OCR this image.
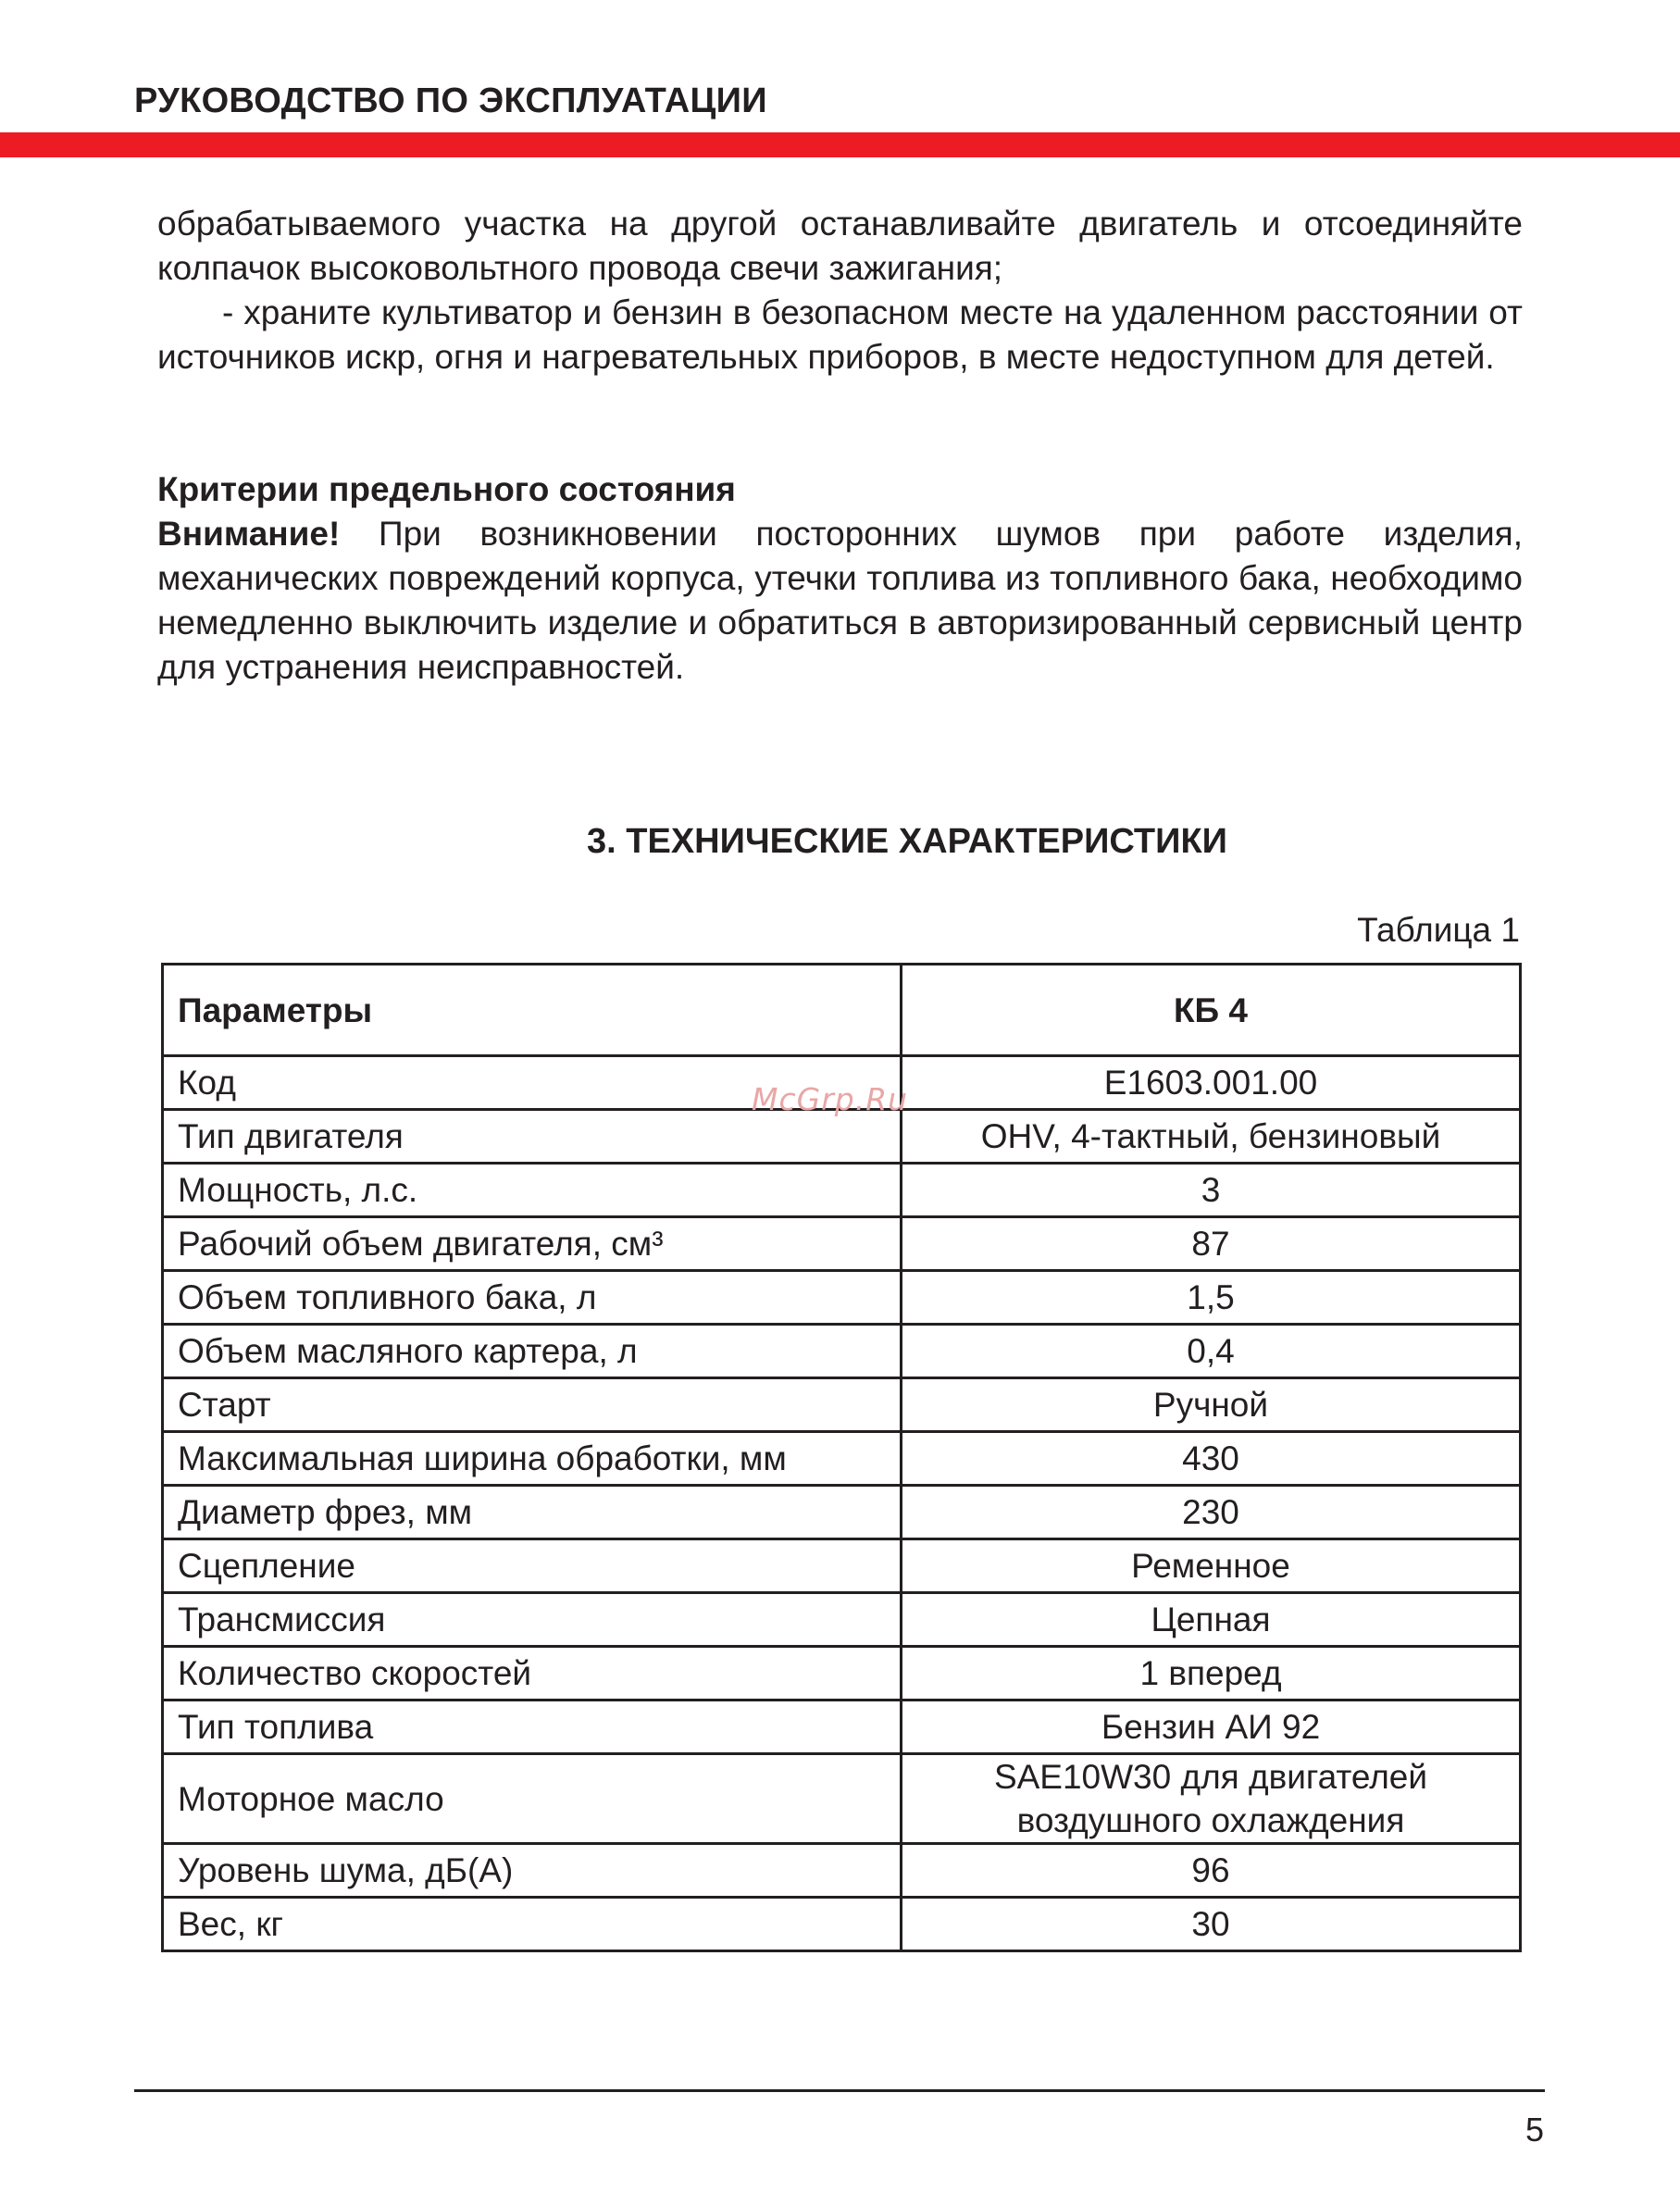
РУКОВОДСТВО ПО ЭКСПЛУАТАЦИИ

обрабатываемого участка на другой останавливайте двигатель и отсоединяйте колпачок высоковольтного провода свечи зажигания;

- храните культиватор и бензин в безопасном месте на удаленном расстоянии от источников искр, огня и нагревательных приборов, в месте недоступном для детей.

Критерии предельного состояния

Внимание! При возникновении посторонних шумов при работе изделия, механических повреждений корпуса, утечки топлива из топливного бака, необходимо немедленно выключить изделие и обратиться в авторизированный сервисный центр для устранения неисправностей.

3. ТЕХНИЧЕСКИЕ ХАРАКТЕРИСТИКИ
Таблица 1
Параметры	КБ 4
Код	E1603.001.00
Тип двигателя	OHV, 4-тактный, бензиновый
Мощность, л.с.	3
Рабочий объем двигателя, см³	87
Объем топливного бака, л	1,5
Объем масляного картера, л	0,4
Старт	Ручной
Максимальная ширина обработки, мм	430
Диаметр фрез, мм	230
Сцепление	Ременное
Трансмиссия	Цепная
Количество скоростей	1 вперед
Тип топлива	Бензин АИ 92
Моторное масло	SAE10W30 для двигателей воздушного охлаждения
Уровень шума, дБ(А)	96
Вес, кг	30
McGrp.Ru
5
